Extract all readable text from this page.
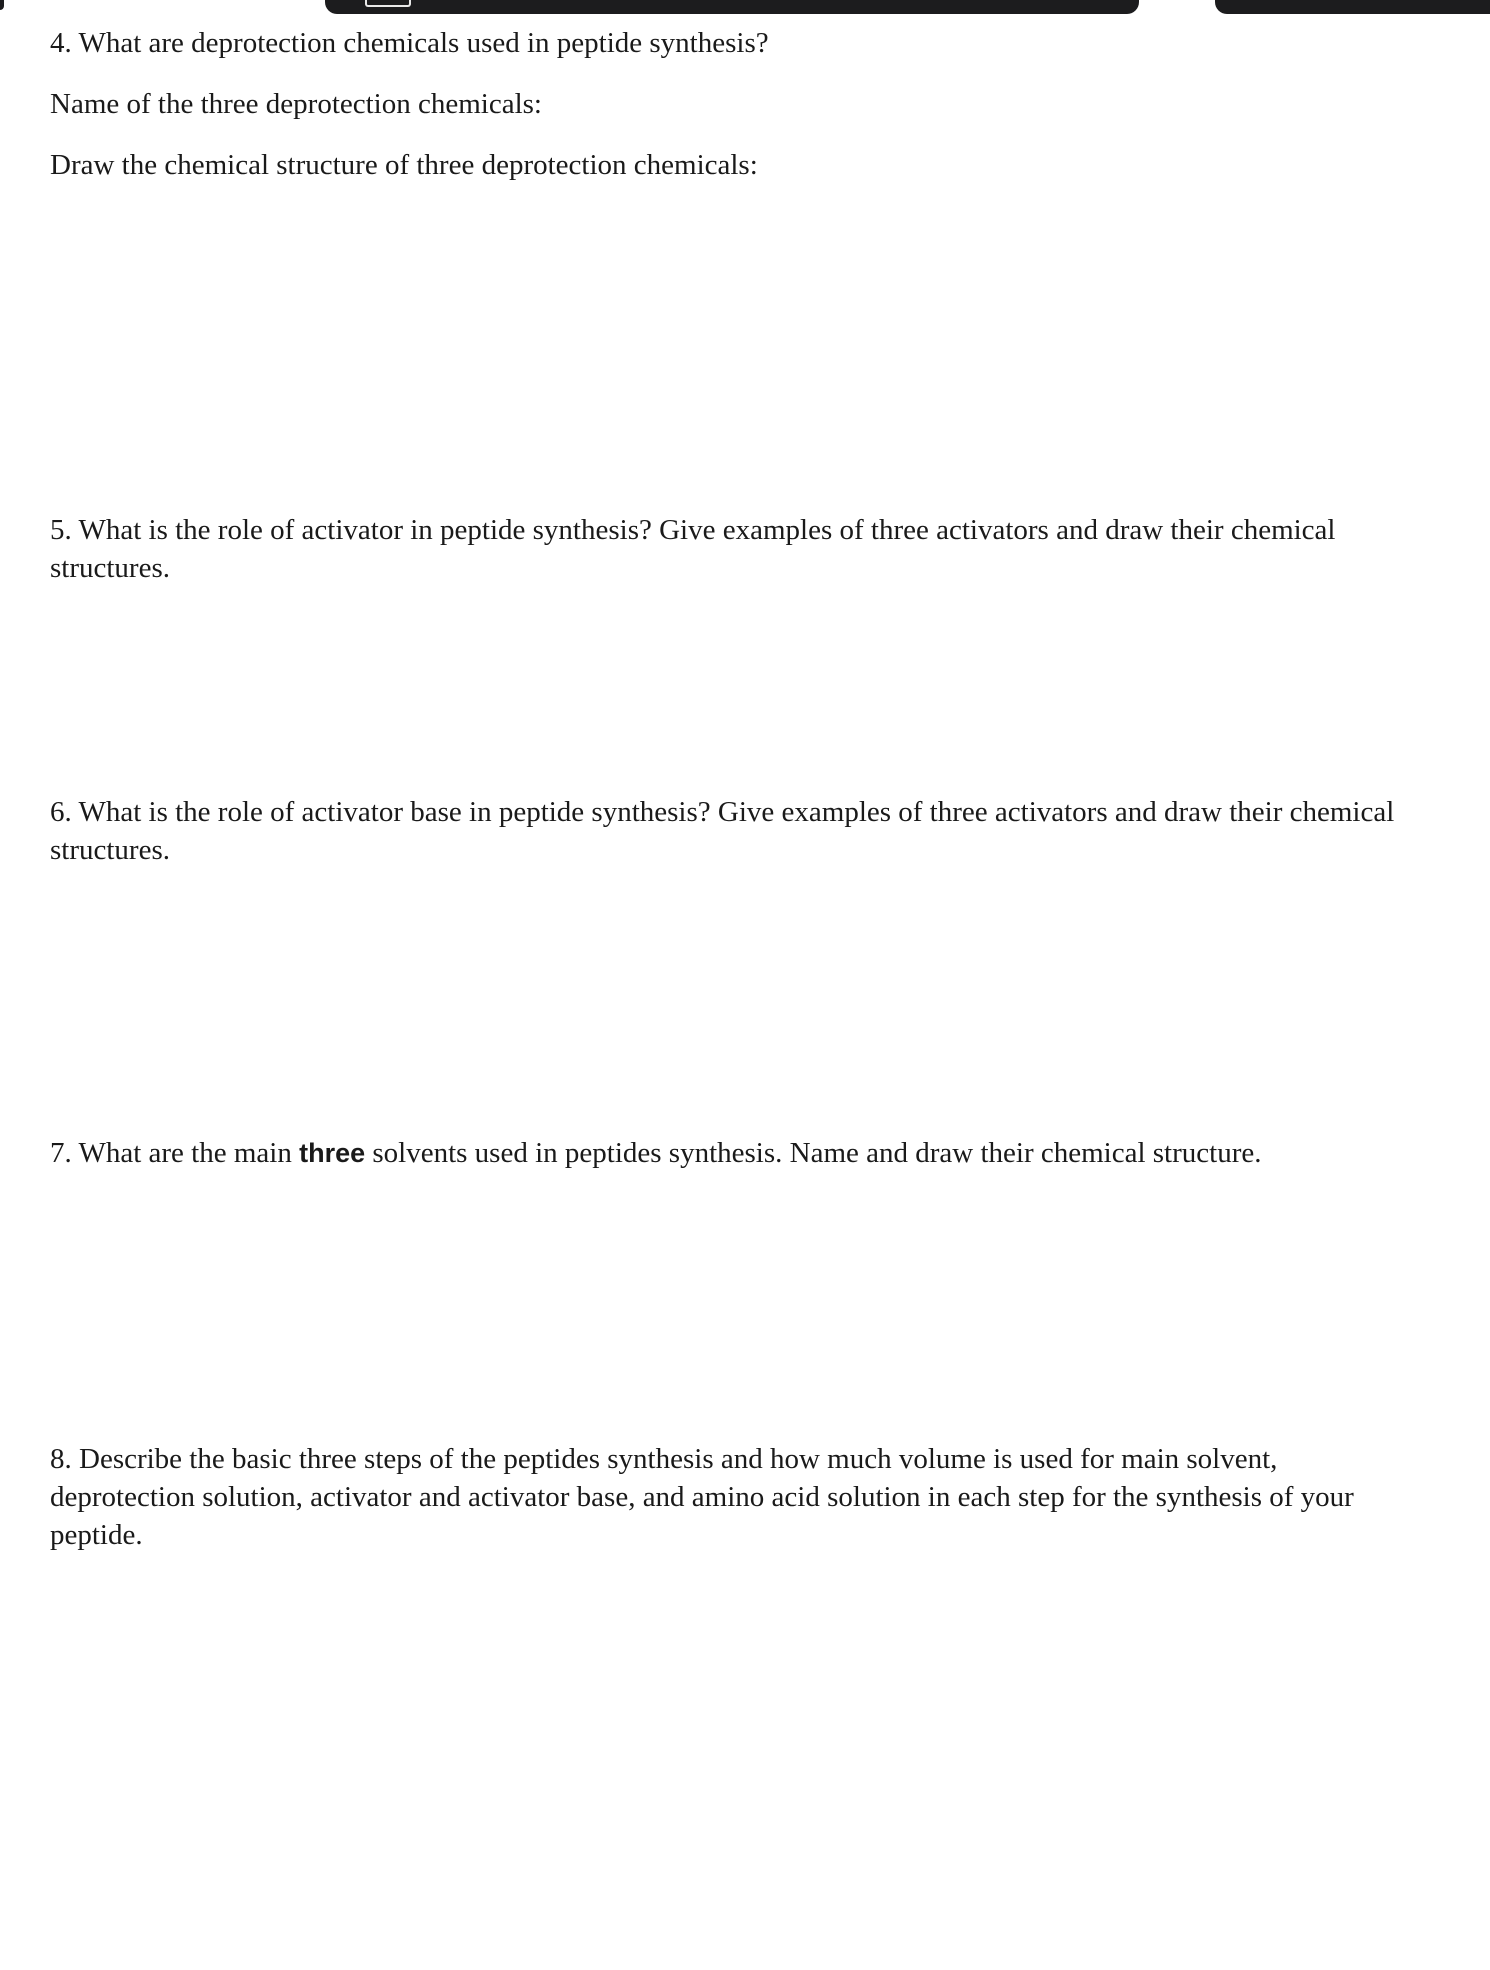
4. What are deprotection chemicals used in peptide synthesis?

Name of the three deprotection chemicals:

Draw the chemical structure of three deprotection chemicals:

5. What is the role of activator in peptide synthesis? Give examples of three activators and draw their chemical structures.

6. What is the role of activator base in peptide synthesis? Give examples of three activators and draw their chemical structures.

7. What are the main three solvents used in peptides synthesis. Name and draw their chemical structure.

8. Describe the basic three steps of the peptides synthesis and how much volume is used for main solvent, deprotection solution, activator and activator base, and amino acid solution in each step for the synthesis of your peptide.
